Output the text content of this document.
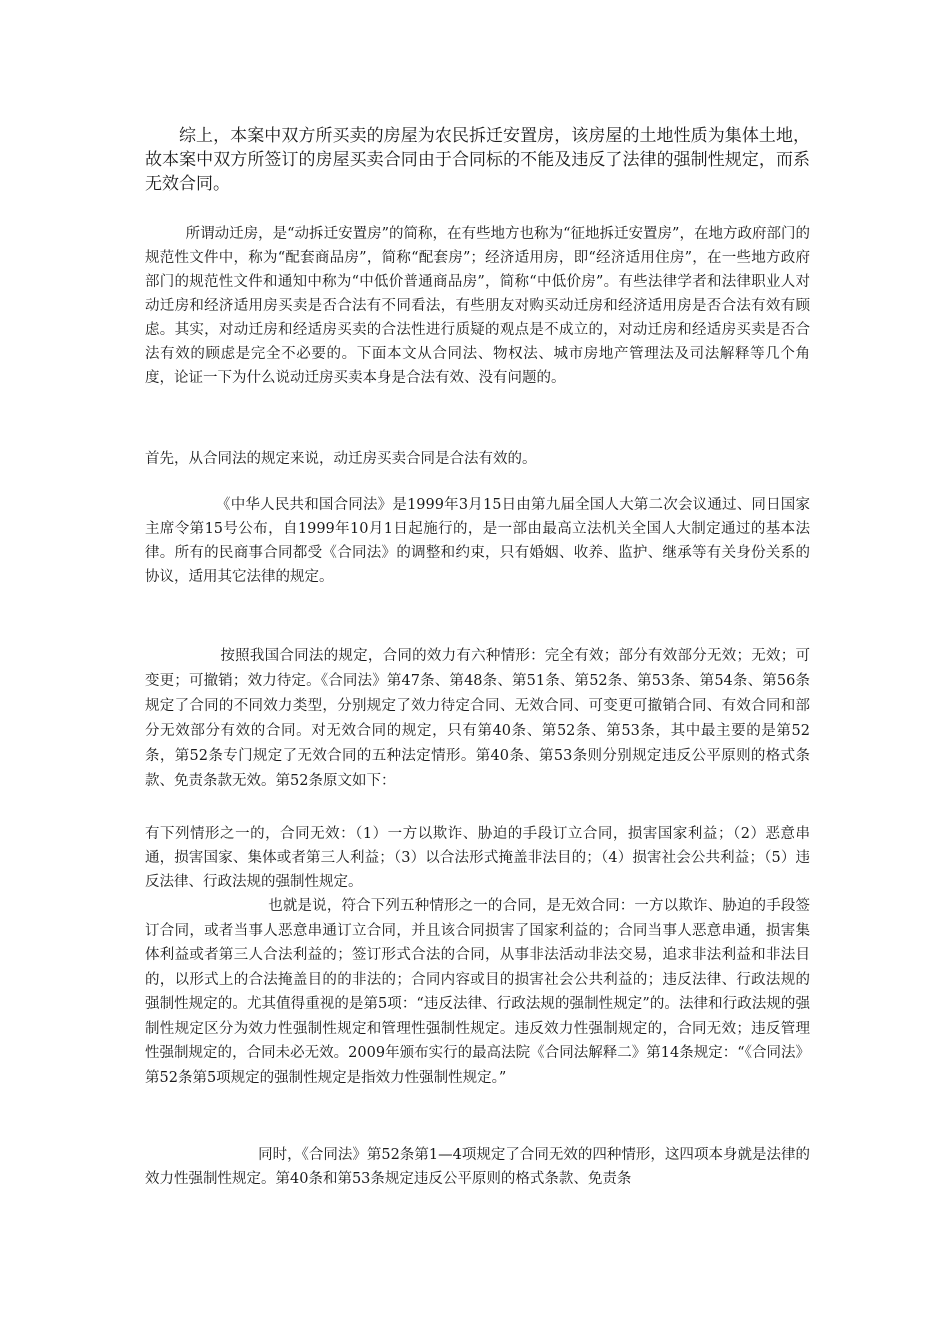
综上，本案中双方所买卖的房屋为农民拆迁安置房，该房屋的土地性质为集体土地，故本案中双方所签订的房屋买卖合同由于合同标的不能及违反了法律的强制性规定，而系无效合同。

所谓动迁房，是“动拆迁安置房”的简称，在有些地方也称为“征地拆迁安置房”，在地方政府部门的规范性文件中，称为“配套商品房”，简称“配套房”；经济适用房，即“经济适用住房”，在一些地方政府部门的规范性文件和通知中称为“中低价普通商品房”，简称“中低价房”。有些法律学者和法律职业人对动迁房和经济适用房买卖是否合法有不同看法，有些朋友对购买动迁房和经济适用房是否合法有效有顾虑。其实，对动迁房和经适房买卖的合法性进行质疑的观点是不成立的，对动迁房和经适房买卖是否合法有效的顾虑是完全不必要的。下面本文从合同法、物权法、城市房地产管理法及司法解释等几个角度，论证一下为什么说动迁房买卖本身是合法有效、没有问题的。

首先，从合同法的规定来说，动迁房买卖合同是合法有效的。

《中华人民共和国合同法》是1999年3月15日由第九届全国人大第二次会议通过、同日国家主席令第15号公布，自1999年10月1日起施行的，是一部由最高立法机关全国人大制定通过的基本法律。所有的民商事合同都受《合同法》的调整和约束，只有婚姻、收养、监护、继承等有关身份关系的协议，适用其它法律的规定。

按照我国合同法的规定，合同的效力有六种情形：完全有效；部分有效部分无效；无效；可变更；可撤销；效力待定。《合同法》第47条、第48条、第51条、第52条、第53条、第54条、第56条规定了合同的不同效力类型，分别规定了效力待定合同、无效合同、可变更可撤销合同、有效合同和部分无效部分有效的合同。对无效合同的规定，只有第40条、第52条、第53条，其中最主要的是第52条，第52条专门规定了无效合同的五种法定情形。第40条、第53条则分别规定违反公平原则的格式条款、免责条款无效。第52条原文如下：

有下列情形之一的，合同无效：（1）一方以欺诈、胁迫的手段订立合同，损害国家利益；（2）恶意串通，损害国家、集体或者第三人利益；（3）以合法形式掩盖非法目的；（4）损害社会公共利益；（5）违反法律、行政法规的强制性规定。

也就是说，符合下列五种情形之一的合同，是无效合同：一方以欺诈、胁迫的手段签订合同，或者当事人恶意串通订立合同，并且该合同损害了国家利益的；合同当事人恶意串通，损害集体利益或者第三人合法利益的；签订形式合法的合同，从事非法活动非法交易，追求非法利益和非法目的，以形式上的合法掩盖目的的非法的；合同内容或目的损害社会公共利益的；违反法律、行政法规的强制性规定的。尤其值得重视的是第5项：“违反法律、行政法规的强制性规定”的。法律和行政法规的强制性规定区分为效力性强制性规定和管理性强制性规定。违反效力性强制规定的，合同无效；违反管理性强制规定的，合同未必无效。2009年颁布实行的最高法院《合同法解释二》第14条规定：“《合同法》第52条第5项规定的强制性规定是指效力性强制性规定。”

同时，《合同法》第52条第1—4项规定了合同无效的四种情形，这四项本身就是法律的效力性强制性规定。第40条和第53条规定违反公平原则的格式条款、免责条
